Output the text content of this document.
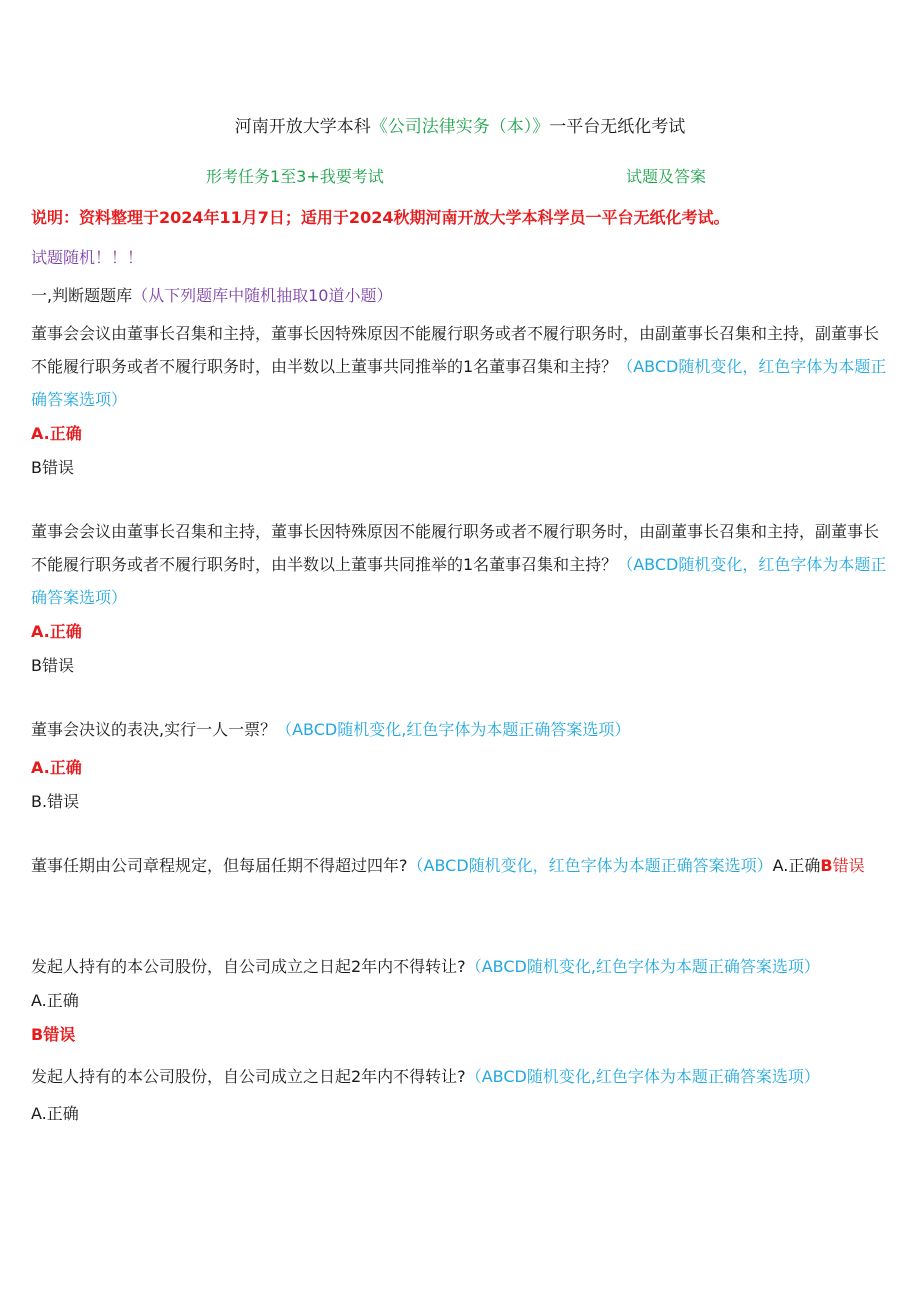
河南开放大学本科《公司法律实务（本）》一平台无纸化考试
形考任务1至3+我要考试	试题及答案
说明：资料整理于2024年11月7日；适用于2024秋期河南开放大学本科学员一平台无纸化考试。
试题随机！！！
一,判断题题库（从下列题库中随机抽取10道小题）
董事会会议由董事长召集和主持，董事长因特殊原因不能履行职务或者不履行职务时，由副董事长召集和主持，副董事长不能履行职务或者不履行职务时，由半数以上董事共同推举的1名董事召集和主持？（ABCD随机变化，红色字体为本题正确答案选项）
A.正确
B错误
董事会会议由董事长召集和主持，董事长因特殊原因不能履行职务或者不履行职务时，由副董事长召集和主持，副董事长不能履行职务或者不履行职务时，由半数以上董事共同推举的1名董事召集和主持？（ABCD随机变化，红色字体为本题正确答案选项）
A.正确
B错误
董事会决议的表决,实行一人一票？（ABCD随机变化,红色字体为本题正确答案选项）
A.正确
B.错误
董事任期由公司章程规定，但每届任期不得超过四年?（ABCD随机变化，红色字体为本题正确答案选项）A.正确B错误
发起人持有的本公司股份，自公司成立之日起2年内不得转让?（ABCD随机变化,红色字体为本题正确答案选项）
A.正确
B错误
发起人持有的本公司股份，自公司成立之日起2年内不得转让?（ABCD随机变化,红色字体为本题正确答案选项）
A.正确
